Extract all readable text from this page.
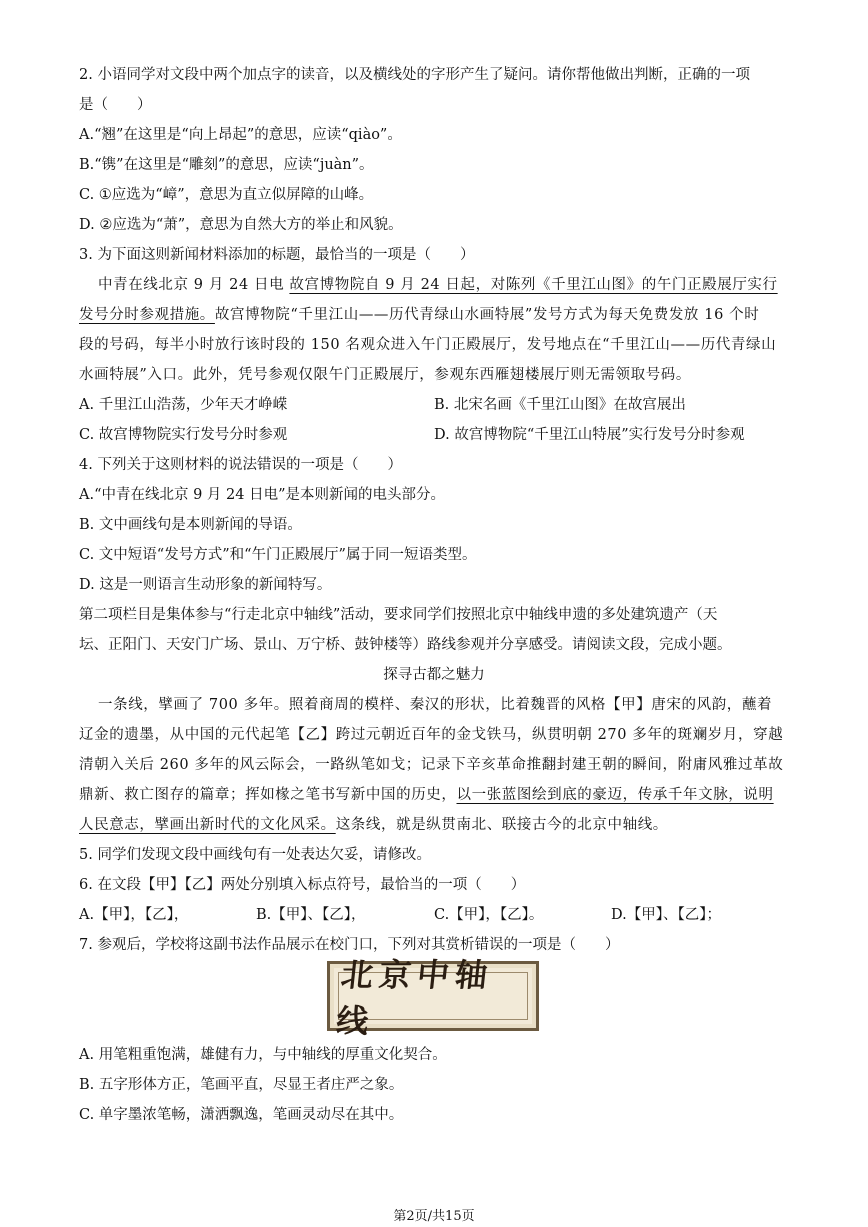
2. 小语同学对文段中两个加点字的读音，以及横线处的字形产生了疑问。请你帮他做出判断，正确的一项
是（　　）
A.“翘”在这里是“向上昂起”的意思，应读“qiào”。
B.“镌”在这里是“雕刻”的意思，应读“juàn”。
C. ①应选为“嶂”，意思为直立似屏障的山峰。
D. ②应选为“萧”，意思为自然大方的举止和风貌。
3. 为下面这则新闻材料添加的标题，最恰当的一项是（　　）
中青在线北京 9 月 24 日电 故宫博物院自 9 月 24 日起，对陈列《千里江山图》的午门正殿展厅实行
发号分时参观措施。故宫博物院“千里江山——历代青绿山水画特展”发号方式为每天免费发放 16 个时
段的号码，每半小时放行该时段的 150 名观众进入午门正殿展厅，发号地点在“千里江山——历代青绿山
水画特展”入口。此外，凭号参观仅限午门正殿展厅，参观东西雁翅楼展厅则无需领取号码。
A. 千里江山浩荡，少年天才峥嵘	B. 北宋名画《千里江山图》在故宫展出
C. 故宫博物院实行发号分时参观	D. 故宫博物院“千里江山特展”实行发号分时参观
4. 下列关于这则材料的说法错误的一项是（　　）
A.“中青在线北京 9 月 24 日电”是本则新闻的电头部分。
B. 文中画线句是本则新闻的导语。
C. 文中短语“发号方式”和“午门正殿展厅”属于同一短语类型。
D. 这是一则语言生动形象的新闻特写。
第二项栏目是集体参与“行走北京中轴线”活动，要求同学们按照北京中轴线申遗的多处建筑遗产（天
坛、正阳门、天安门广场、景山、万宁桥、鼓钟楼等）路线参观并分享感受。请阅读文段，完成小题。
探寻古都之魅力
一条线，擘画了 700 多年。照着商周的模样、秦汉的形状，比着魏晋的风格【甲】唐宋的风韵，蘸着
辽金的遗墨，从中国的元代起笔【乙】跨过元朝近百年的金戈铁马，纵贯明朝 270 多年的斑斓岁月，穿越
清朝入关后 260 多年的风云际会，一路纵笔如戈；记录下辛亥革命推翻封建王朝的瞬间，附庸风雅过革故
鼎新、救亡图存的篇章；挥如椽之笔书写新中国的历史，以一张蓝图绘到底的豪迈，传承千年文脉，说明
人民意志，擘画出新时代的文化风采。这条线，就是纵贯南北、联接古今的北京中轴线。
5. 同学们发现文段中画线句有一处表达欠妥，请修改。
6. 在文段【甲】【乙】两处分别填入标点符号，最恰当的一项（　　）
A.【甲】，【乙】，	B.【甲】、【乙】，	C.【甲】，【乙】。	D.【甲】、【乙】；
7. 参观后，学校将这副书法作品展示在校门口，下列对其赏析错误的一项是（　　）
北京中轴线
A. 用笔粗重饱满，雄健有力，与中轴线的厚重文化契合。
B. 五字形体方正，笔画平直，尽显王者庄严之象。
C. 单字墨浓笔畅，潇洒飘逸，笔画灵动尽在其中。
第2页/共15页
